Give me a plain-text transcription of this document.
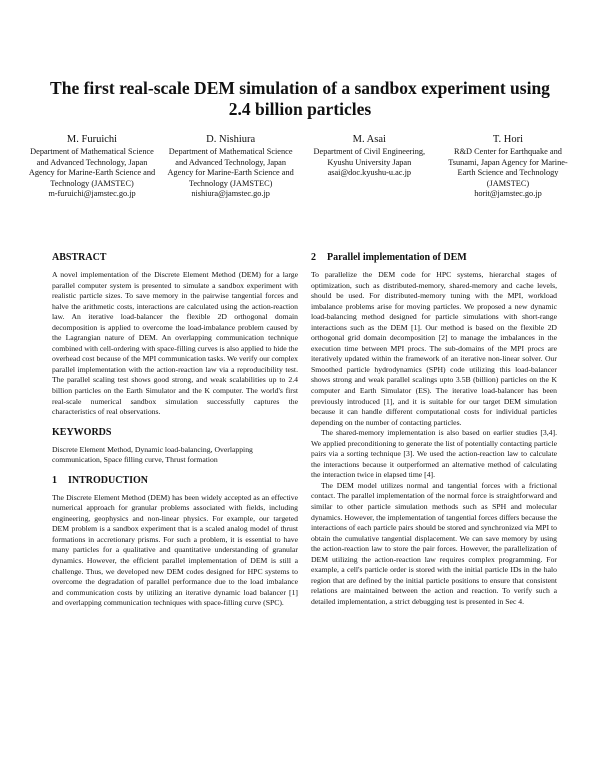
The first real-scale DEM simulation of a sandbox experiment using 2.4 billion particles
M. Furuichi
Department of Mathematical Science and Advanced Technology, Japan Agency for Marine-Earth Science and Technology (JAMSTEC)
m-furuichi@jamstec.go.jp
D. Nishiura
Department of Mathematical Science and Advanced Technology, Japan Agency for Marine-Earth Science and Technology (JAMSTEC)
nishiura@jamstec.go.jp
M. Asai
Department of Civil Engineering, Kyushu University Japan
asai@doc.kyushu-u.ac.jp
T. Hori
R&D Center for Earthquake and Tsunami, Japan Agency for Marine-Earth Science and Technology (JAMSTEC)
horit@jamstec.go.jp
ABSTRACT

A novel implementation of the Discrete Element Method (DEM) for a large parallel computer system is presented to simulate a sandbox experiment with realistic particle sizes. To save memory in the pairwise tangential forces and halve the arithmetic costs, interactions are calculated using the action-reaction law. An iterative load-balancer the flexible 2D orthogonal domain decomposition is applied to overcome the load-imbalance problem caused by the Lagrangian nature of DEM. An overlapping communication technique combined with cell-ordering with space-filling curves is also applied to hide the overhead cost because of the MPI communication tasks. We verify our complex parallel implementation with the action-reaction law via a reproducibility test. The parallel scaling test shows good strong, and weak scalabilities up to 2.4 billion particles on the Earth Simulator and the K computer. The world's first real-scale numerical sandbox simulation successfully captures the characteristics of real observations.

KEYWORDS

Discrete Element Method, Dynamic load-balancing, Overlapping communication, Space filling curve, Thrust formation

1 INTRODUCTION

The Discrete Element Method (DEM) has been widely accepted as an effective numerical approach for granular problems associated with fields, including engineering, geophysics and non-linear physics. For example, our targeted DEM problem is a sandbox experiment that is a scaled analog model of thrust formations in accretionary prisms. For such a problem, it is essential to have many particles for a qualitative and quantitative understanding of granular dynamics. However, the efficient parallel implementation of DEM is still a challenge. Thus, we developed new DEM codes designed for HPC systems to overcome the degradation of parallel performance due to the load imbalance and communication costs by utilizing an iterative dynamic load balancer [1] and overlapping communication techniques with space-filling curve (SPC).

2 Parallel implementation of DEM

To parallelize the DEM code for HPC systems, hierarchal stages of optimization, such as distributed-memory, shared-memory and cache levels, should be used. For distributed-memory tuning with the MPI, workload imbalance problems arise for moving particles. We proposed a new dynamic load-balancing method designed for particle simulations with short-range interactions such as the DEM [1]. Our method is based on the flexible 2D orthogonal grid domain decomposition [2] to manage the imbalances in the execution time between MPI procs. The sub-domains of the MPI procs are iteratively updated within the framework of an iterative non-linear solver. Our Smoothed particle hydrodynamics (SPH) code utilizing this load-balancer shows strong and weak parallel scalings upto 3.5B (billion) particles on the K computer and Earth Simulator (ES). The iterative load-balancer has been previously introduced [1], and it is suitable for our target DEM simulation because it can handle different computational costs for individual particles depending on the number of contacting particles.

The shared-memory implementation is also based on earlier studies [3,4]. We applied preconditioning to generate the list of potentially contacting particle pairs via a sorting technique [3]. We used the action-reaction law to calculate the interactions because it outperformed an alternative method of calculating the interaction twice in elapsed time [4].

The DEM model utilizes normal and tangential forces with a frictional contact. The parallel implementation of the normal force is straightforward and similar to other particle simulation methods such as SPH and molecular dynamics. However, the implementation of tangential forces differs because the interactions of each particle pairs should be stored and synchronized via MPI to obtain the cumulative tangential displacement. We can save memory by using the action-reaction law to store the pair forces. However, the parallelization of DEM utilizing the action-reaction law requires complex programming. For example, a cell's particle order is stored with the initial particle IDs in the halo region that are defined by the initial particle positions to ensure that consistent relations are maintained between the action and reaction. To verify such a detailed implementation, a strict debugging test is presented in Sec 4.
